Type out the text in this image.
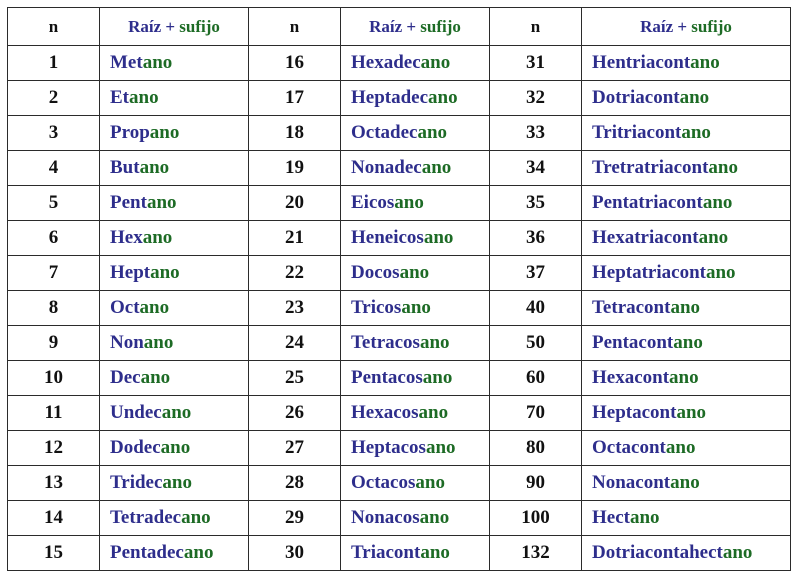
n	Raíz + sufijo	n	Raíz + sufijo	n	Raíz + sufijo
1	Metano	16	Hexadecano	31	Hentriacontano
2	Etano	17	Heptadecano	32	Dotriacontano
3	Propano	18	Octadecano	33	Tritriacontano
4	Butano	19	Nonadecano	34	Tretratriacontano
5	Pentano	20	Eicosano	35	Pentatriacontano
6	Hexano	21	Heneicosano	36	Hexatriacontano
7	Heptano	22	Docosano	37	Heptatriacontano
8	Octano	23	Tricosano	40	Tetracontano
9	Nonano	24	Tetracosano	50	Pentacontano
10	Decano	25	Pentacosano	60	Hexacontano
11	Undecano	26	Hexacosano	70	Heptacontano
12	Dodecano	27	Heptacosano	80	Octacontano
13	Tridecano	28	Octacosano	90	Nonacontano
14	Tetradecano	29	Nonacosano	100	Hectano
15	Pentadecano	30	Triacontano	132	Dotriacontahectano
